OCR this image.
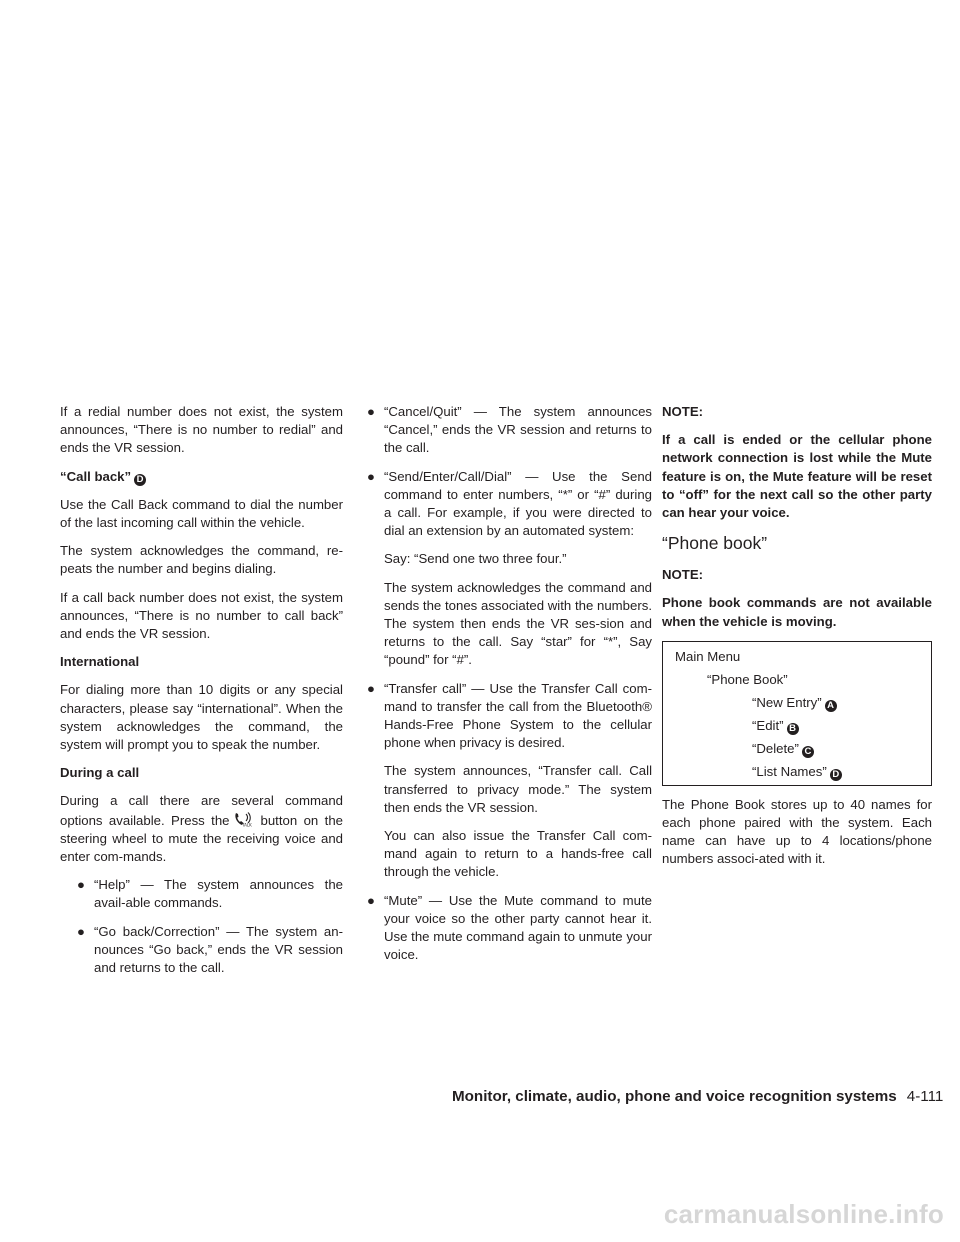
If a redial number does not exist, the system announces, “There is no number to redial” and ends the VR session.

“Call back” D

Use the Call Back command to dial the number of the last incoming call within the vehicle.

The system acknowledges the command, re-peats the number and begins dialing.

If a call back number does not exist, the system announces, “There is no number to call back” and ends the VR session.

International

For dialing more than 10 digits or any special characters, please say “international”. When the system acknowledges the command, the system will prompt you to speak the number.

During a call

During a call there are several command options available. Press the	TALK button on the steering wheel to mute the receiving voice and enter com-mands.

● “Help” — The system announces the avail-able commands.

● “Go back/Correction” — The system an-nounces “Go back,” ends the VR session and returns to the call.

● “Cancel/Quit” — The system announces “Cancel,” ends the VR session and returns to the call.

● “Send/Enter/Call/Dial” — Use the Send command to enter numbers, “*” or “#” during a call. For example, if you were directed to dial an extension by an automated system:

Say: “Send one two three four.”

The system acknowledges the command and sends the tones associated with the numbers. The system then ends the VR ses-sion and returns to the call. Say “star” for “*”, Say “pound” for “#”.

● “Transfer call” — Use the Transfer Call com-mand to transfer the call from the Bluetooth® Hands-Free Phone System to the cellular phone when privacy is desired.

The system announces, “Transfer call. Call transferred to privacy mode.” The system then ends the VR session.

You can also issue the Transfer Call com-mand again to return to a hands-free call through the vehicle.

● “Mute” — Use the Mute command to mute your voice so the other party cannot hear it. Use the mute command again to unmute your voice.

NOTE:

If a call is ended or the cellular phone network connection is lost while the Mute feature is on, the Mute feature will be reset to “off” for the next call so the other party can hear your voice.

“Phone book”
NOTE:

Phone book commands are not available when the vehicle is moving.

Main Menu
“Phone Book”
“New Entry” A
“Edit” B
“Delete” C
“List Names” D

The Phone Book stores up to 40 names for each phone paired with the system. Each name can have up to 4 locations/phone numbers associ-ated with it.

Monitor, climate, audio, phone and voice recognition systems 4-111
carmanualsonline.info
